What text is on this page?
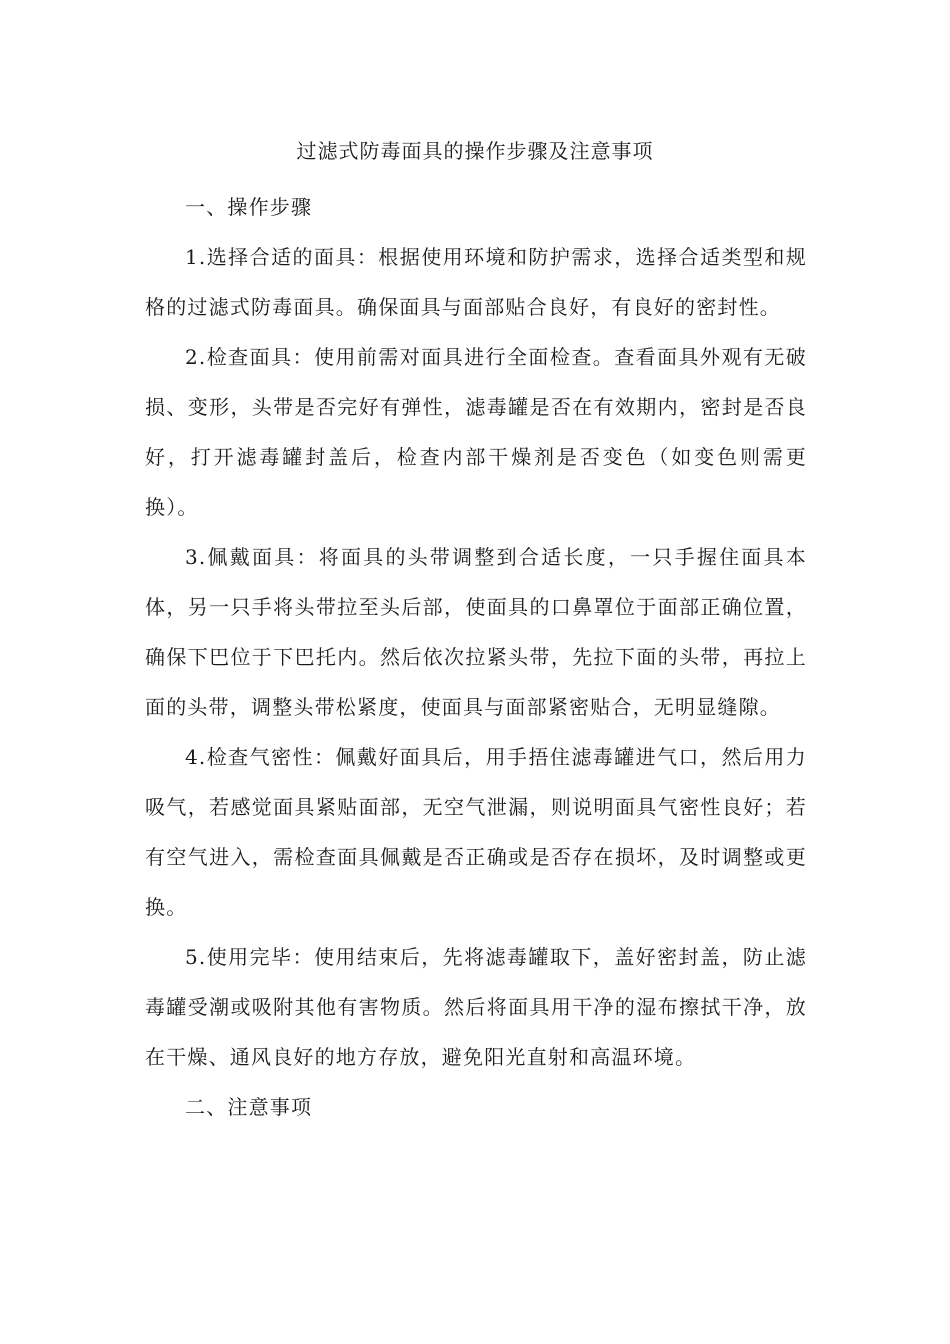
过滤式防毒面具的操作步骤及注意事项
一、操作步骤

1.选择合适的面具：根据使用环境和防护需求，选择合适类型和规格的过滤式防毒面具。确保面具与面部贴合良好，有良好的密封性。

2.检查面具：使用前需对面具进行全面检查。查看面具外观有无破损、变形，头带是否完好有弹性，滤毒罐是否在有效期内，密封是否良好，打开滤毒罐封盖后，检查内部干燥剂是否变色（如变色则需更换）。

3.佩戴面具：将面具的头带调整到合适长度，一只手握住面具本体，另一只手将头带拉至头后部，使面具的口鼻罩位于面部正确位置，确保下巴位于下巴托内。然后依次拉紧头带，先拉下面的头带，再拉上面的头带，调整头带松紧度，使面具与面部紧密贴合，无明显缝隙。

4.检查气密性：佩戴好面具后，用手捂住滤毒罐进气口，然后用力吸气，若感觉面具紧贴面部，无空气泄漏，则说明面具气密性良好；若有空气进入，需检查面具佩戴是否正确或是否存在损坏，及时调整或更换。

5.使用完毕：使用结束后，先将滤毒罐取下，盖好密封盖，防止滤毒罐受潮或吸附其他有害物质。然后将面具用干净的湿布擦拭干净，放在干燥、通风良好的地方存放，避免阳光直射和高温环境。

二、注意事项
